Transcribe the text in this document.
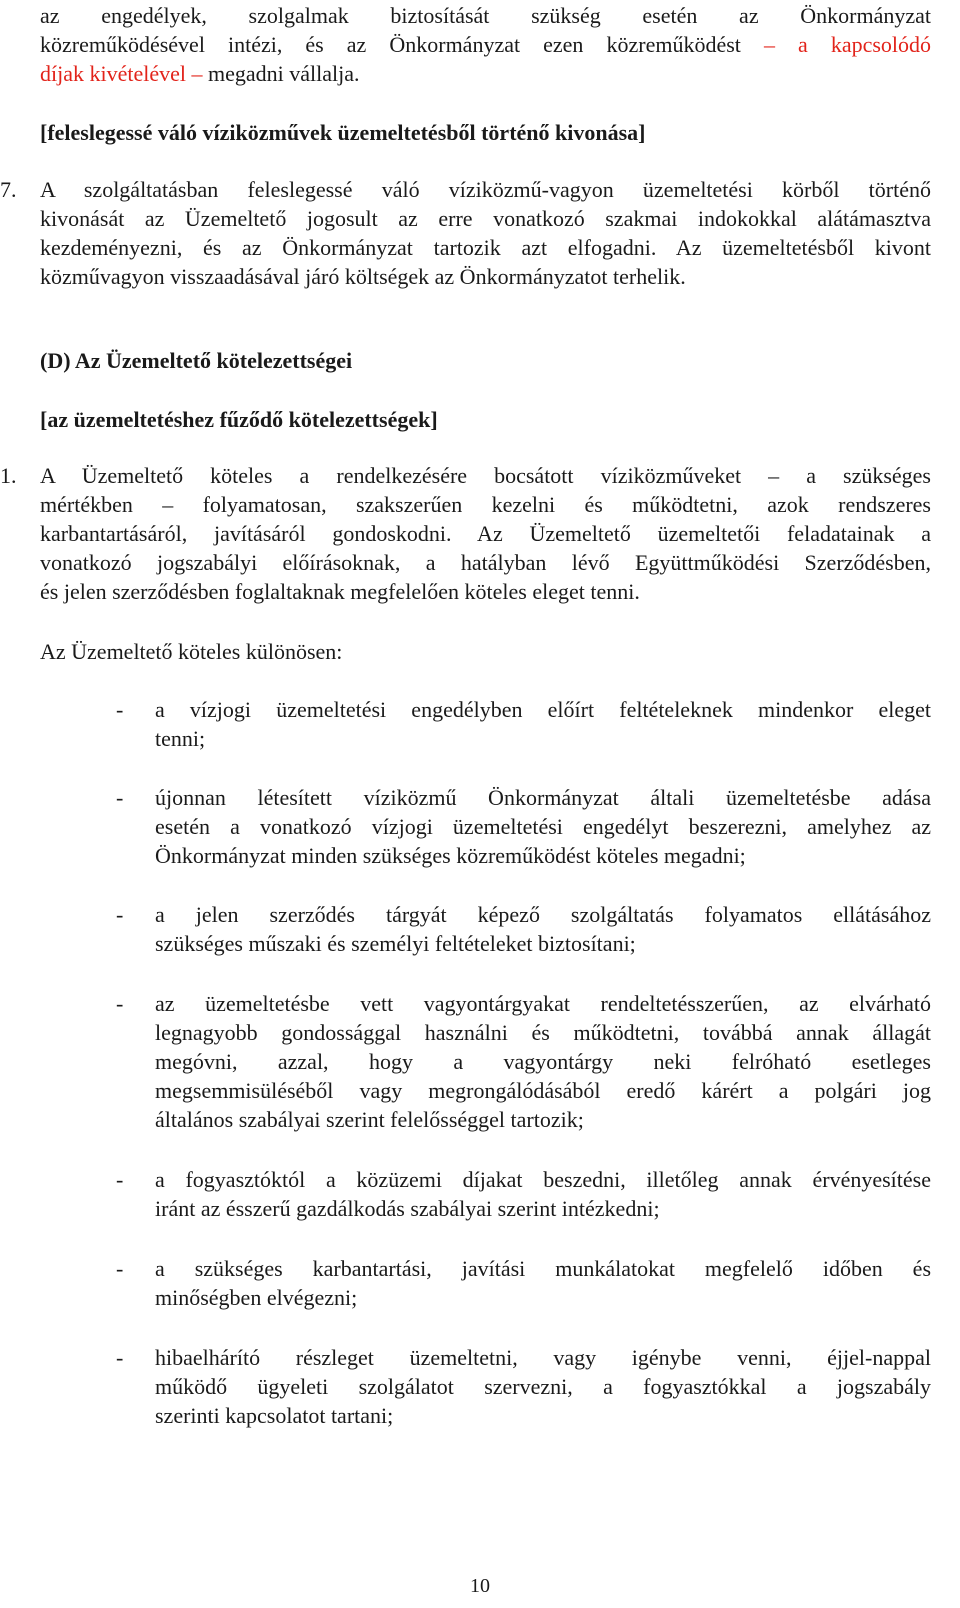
az engedélyek, szolgalmak biztosítását szükség esetén az Önkormányzat
közreműködésével intézi, és az Önkormányzat ezen közreműködést – a kapcsolódó
díjak kivételével – megadni vállalja.
[feleslegessé váló víziközművek üzemeltetésből történő kivonása]
7. A szolgáltatásban feleslegessé váló víziközmű-vagyon üzemeltetési körből történő
kivonását az Üzemeltető jogosult az erre vonatkozó szakmai indokokkal alátámasztva
kezdeményezni, és az Önkormányzat tartozik azt elfogadni. Az üzemeltetésből kivont
közművagyon visszaadásával járó költségek az Önkormányzatot terhelik.
(D) Az Üzemeltető kötelezettségei
[az üzemeltetéshez fűződő kötelezettségek]
1. A Üzemeltető köteles a rendelkezésére bocsátott víziközműveket – a szükséges
mértékben – folyamatosan, szakszerűen kezelni és működtetni, azok rendszeres
karbantartásáról, javításáról gondoskodni. Az Üzemeltető üzemeltetői feladatainak a
vonatkozó jogszabályi előírásoknak, a hatályban lévő Együttműködési Szerződésben,
és jelen szerződésben foglaltaknak megfelelően köteles eleget tenni.
Az Üzemeltető köteles különösen:
- a vízjogi üzemeltetési engedélyben előírt feltételeknek mindenkor eleget
tenni;
- újonnan létesített víziközmű Önkormányzat általi üzemeltetésbe adása
esetén a vonatkozó vízjogi üzemeltetési engedélyt beszerezni, amelyhez az
Önkormányzat minden szükséges közreműködést köteles megadni;
- a jelen szerződés tárgyát képező szolgáltatás folyamatos ellátásához
szükséges műszaki és személyi feltételeket biztosítani;
- az üzemeltetésbe vett vagyontárgyakat rendeltetésszerűen, az elvárható
legnagyobb gondossággal használni és működtetni, továbbá annak állagát
megóvni, azzal, hogy a vagyontárgy neki felróható esetleges
megsemmisüléséből vagy megrongálódásából eredő kárért a polgári jog
általános szabályai szerint felelősséggel tartozik;
- a fogyasztóktól a közüzemi díjakat beszedni, illetőleg annak érvényesítése
iránt az ésszerű gazdálkodás szabályai szerint intézkedni;
- a szükséges karbantartási, javítási munkálatokat megfelelő időben és
minőségben elvégezni;
- hibaelhárító részleget üzemeltetni, vagy igénybe venni, éjjel-nappal
működő ügyeleti szolgálatot szervezni, a fogyasztókkal a jogszabály
szerinti kapcsolatot tartani;
10
